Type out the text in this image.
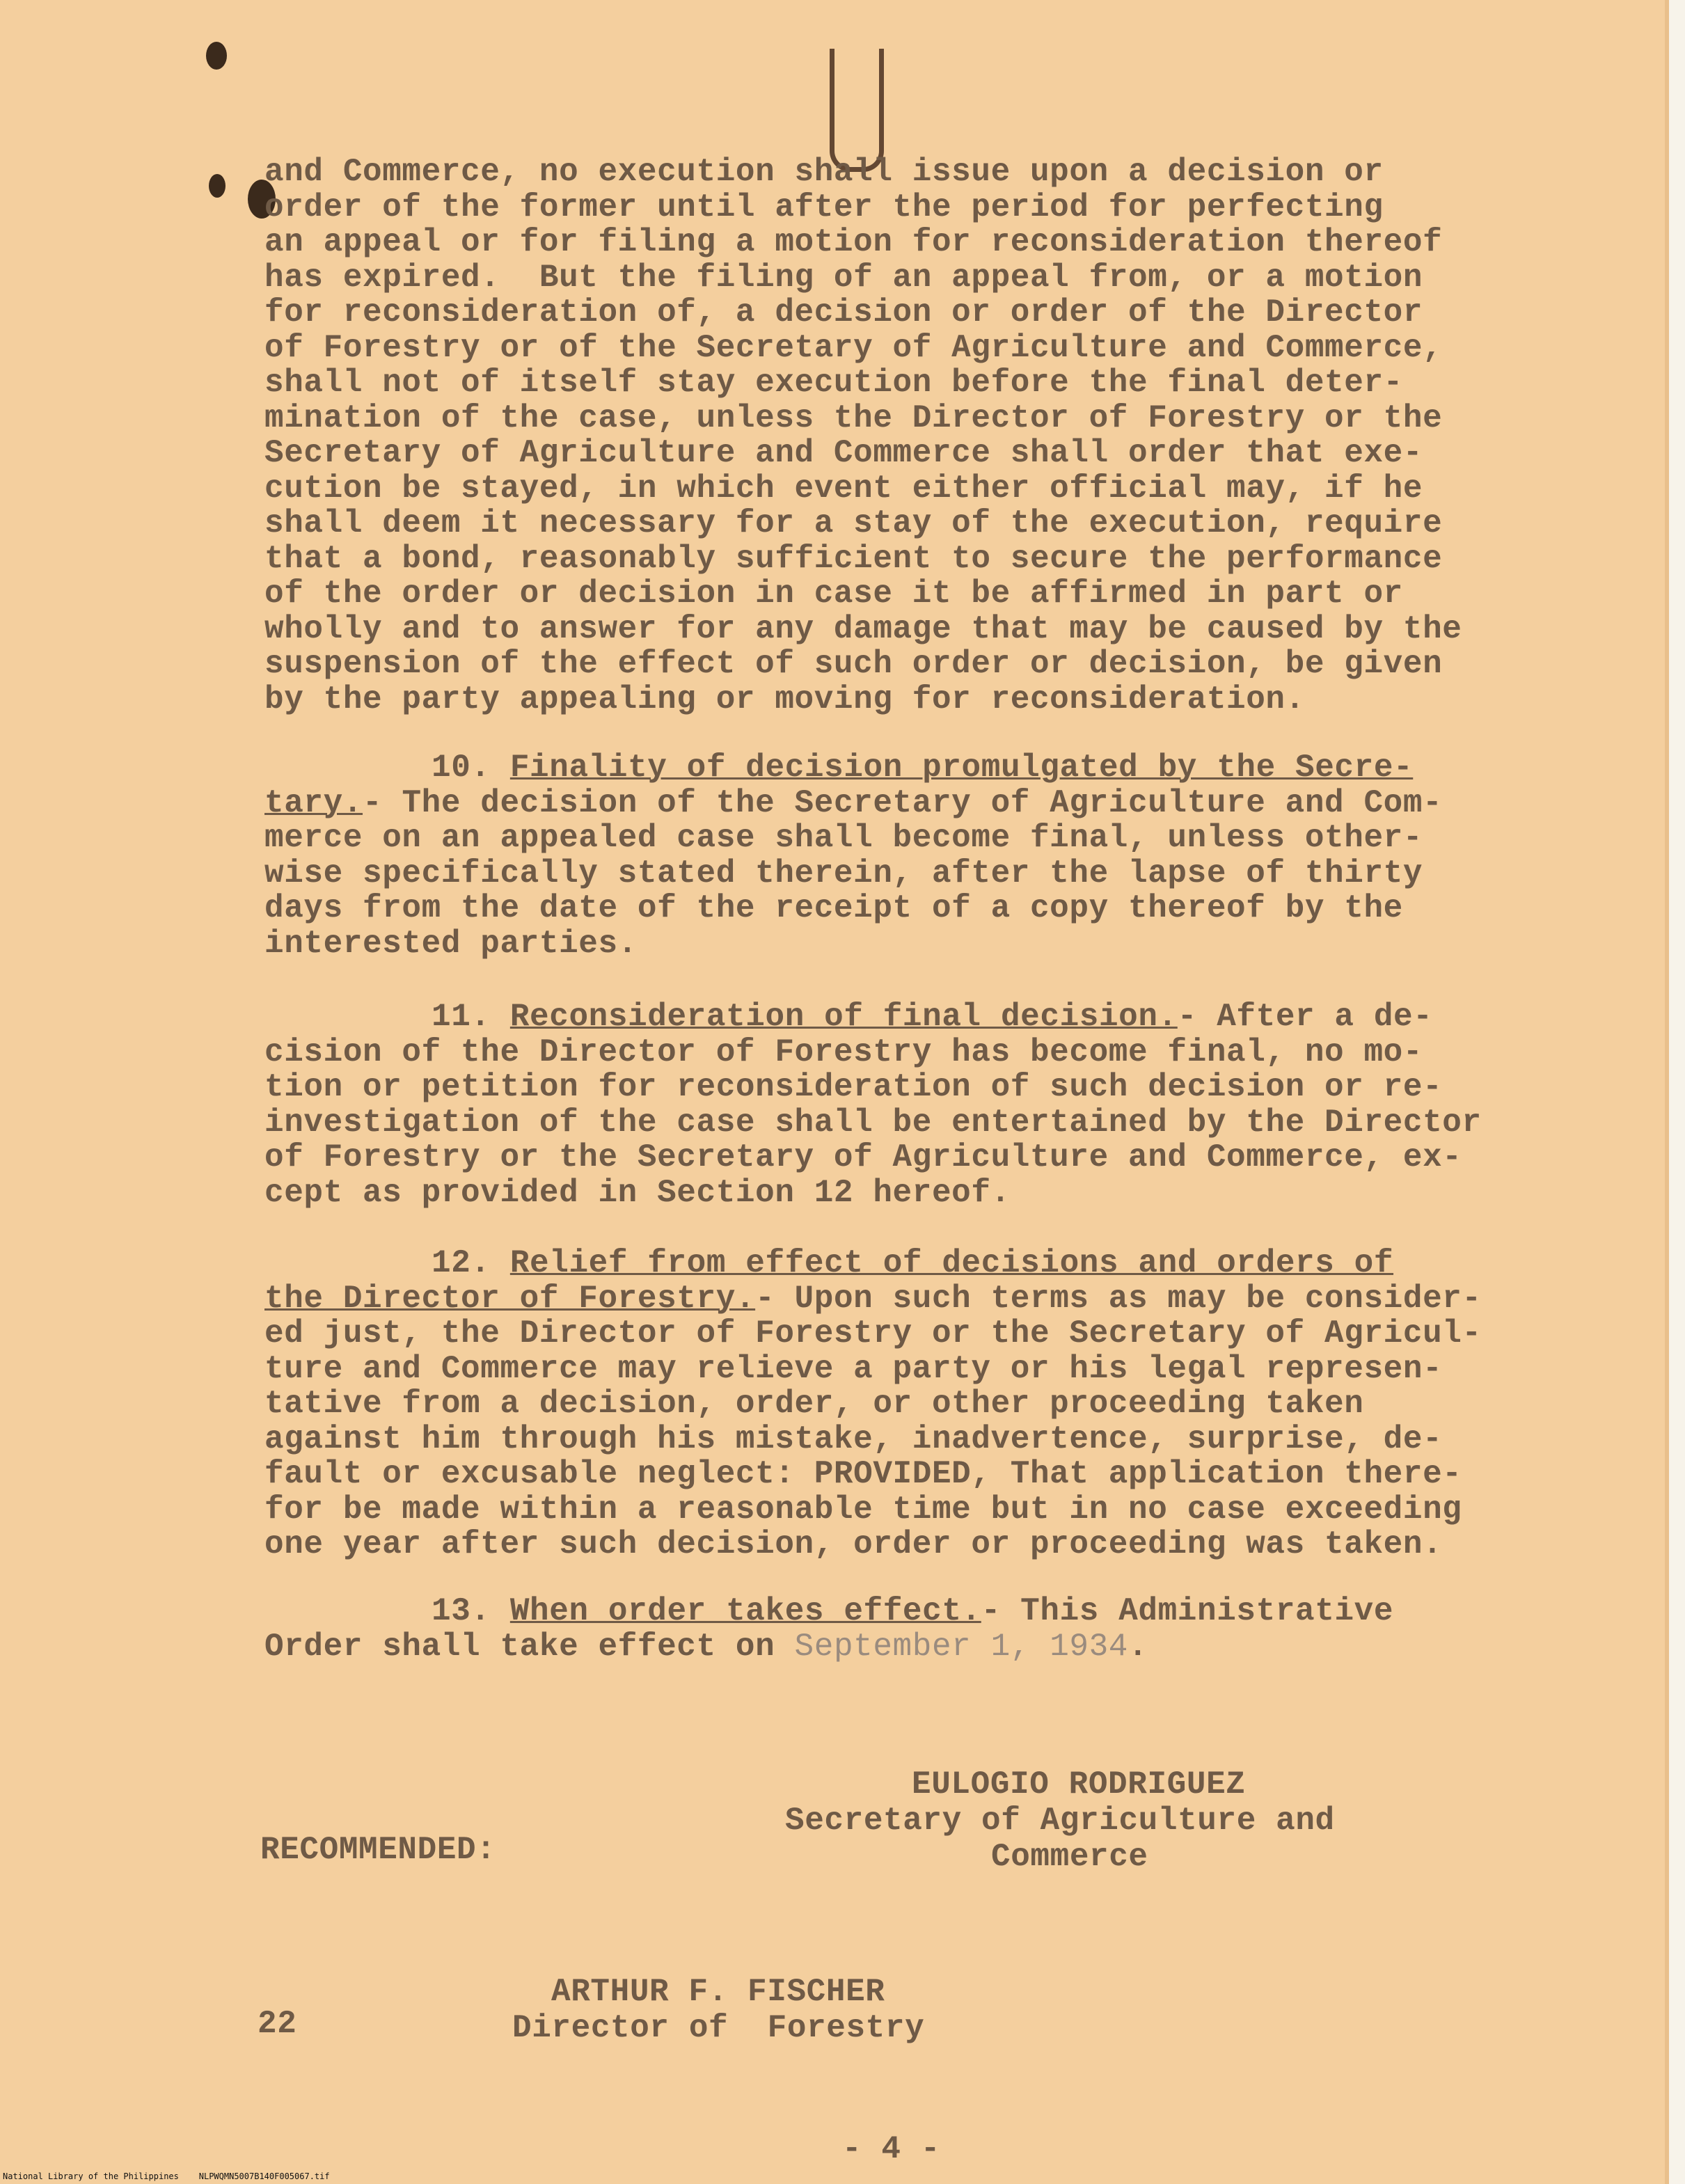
and Commerce, no execution shall issue upon a decision or
order of the former until after the period for perfecting
an appeal or for filing a motion for reconsideration thereof
has expired.  But the filing of an appeal from, or a motion
for reconsideration of, a decision or order of the Director
of Forestry or of the Secretary of Agriculture and Commerce,
shall not of itself stay execution before the final deter-
mination of the case, unless the Director of Forestry or the
Secretary of Agriculture and Commerce shall order that exe-
cution be stayed, in which event either official may, if he
shall deem it necessary for a stay of the execution, require
that a bond, reasonably sufficient to secure the performance
of the order or decision in case it be affirmed in part or
wholly and to answer for any damage that may be caused by the
suspension of the effect of such order or decision, be given
by the party appealing or moving for reconsideration.
10. Finality of decision promulgated by the Secre-
tary.- The decision of the Secretary of Agriculture and Com-
merce on an appealed case shall become final, unless other-
wise specifically stated therein, after the lapse of thirty
days from the date of the receipt of a copy thereof by the
interested parties.
11. Reconsideration of final decision.- After a de-
cision of the Director of Forestry has become final, no mo-
tion or petition for reconsideration of such decision or re-
investigation of the case shall be entertained by the Director
of Forestry or the Secretary of Agriculture and Commerce, ex-
cept as provided in Section 12 hereof.
12. Relief from effect of decisions and orders of
the Director of Forestry.- Upon such terms as may be consider-
ed just, the Director of Forestry or the Secretary of Agricul-
ture and Commerce may relieve a party or his legal represen-
tative from a decision, order, or other proceeding taken
against him through his mistake, inadvertence, surprise, de-
fault or excusable neglect: PROVIDED, That application there-
for be made within a reasonable time but in no case exceeding
one year after such decision, order or proceeding was taken.
13. When order takes effect.- This Administrative
Order shall take effect on September 1, 1934.
EULOGIO RODRIGUEZ
Secretary of Agriculture and
Commerce
RECOMMENDED:
ARTHUR F. FISCHER
Director of  Forestry
22
- 4 -
National Library of the Philippines    NLPWQMN5007B140F005067.tif
